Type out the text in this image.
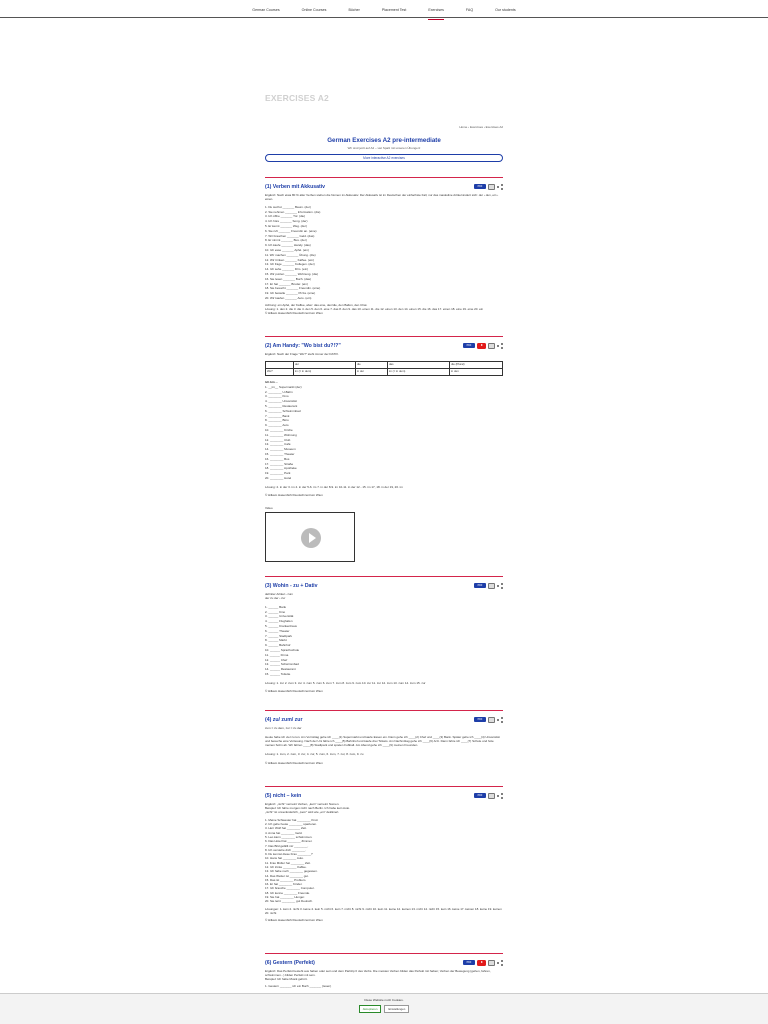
German Courses	Online Courses	Bücher	Placement Test	Exercises	FAQ	Our students
EXERCISES A2
Home › Exercises › Exercises A2
German Exercises A2 pre-intermediate
Wir sind jetzt auf A2 – viel Spaß mit unseren Übungen!
More interactive A2 exercises
(1) Verben mit Akkusativ	PDF
Ergänzt: Nach etwa 80 % aller Verben stehen die Nomen im Akkusativ. Der Akkusativ ist im Deutschen der einfachste Fall, nur das maskuline Artikel ändert sich: der › den, ein › einen.
1. Du suchst _______ Baum. (der)
2. Sie nehmen _______ Information. (die)
3. Ich öffne _______ Tür. (die)
4. Ich höre _______ Song. (der)
5. Er kennt _______ Weg. (der)
6. Sie ruft _______ Freundin an. (eine)
7. Wir brauchen _______ Geld. (das)
8. Er nimmt _______ Bus. (der)
9. Ich kaufe _______ Handy. (das)
10. Ich esse _______ Apfel. (ein)
11. Wir machen _______ Übung. (die)
12. Wir trinken _______ Kaffee. (ein)
13. Ich frage _______ Kollegen. (der)
14. Ich sehe _______ Film. (ein)
15. Wir putzen _______ Wohnung. (die)
16. Sie lesen _______ Buch. (das)
17. Er hat _______ Bruder. (ein)
18. Sie besucht _______ Freundin. (eine)
19. Ich bestelle _______ Pizza. (eine)
20. Wir kaufen _______ Auto. (ein)
Achtung: ein Apfel, der Kaffee, aber: das eine, den/die, den Ballon, den Chat.
Lösung: 1. den 2. die 3. die 4. den 5. den 6. eine 7. das 8. den 9. das 10. einen 11. die 12. einen 13. den 14. einen 15. die 16. das 17. einen 18. eine 19. eine 20. ein
© Hilkam Hasenbühl Deutschzentrum Wien
(2) Am Handy: "Wo bist du?!?"	PDF
Ergänzt: Nach der Frage "Wo?" steht immer der DATIV.
	der	die	das	die (Plural)
Wo?	im (= in dem)	in der	im (= in dem)	in den
Ich bin ...
1. __im__ Supermarkt (der)
2. ________ U-Bahn
3. ________ Kino
4. ________ Universität
5. ________ Restaurant
6. ________ Schwimmbad
7. ________ Bank
8. ________ Büro
9. ________ Auto
10. ________ Kirche
11. ________ Wohnung
12. ________ Club
13. ________ Café
14. ________ Museum
15. ________ Theater
16. ________ Bus
17. ________ Straße
18. ________ Apotheke
19. ________ Park
20. ________ Hotel
Lösung: 2. in der 3. im 4. in der 5-6. im 7. in der 8-9. im 10-11. in der 12 - 15. im 17, 18. in der 19, 20. im
© Hilkam Hasenbühl Deutschzentrum Wien
Video
(3) Wohin - zu + Dativ	PDF
definiter Artikel › zum
der zu der › zur
1. ______ Bank
2. ______ Kino
3. ______ Universität
4. ______ Flughafen
5. ______ Krankenhaus
6. ______ Theater
7. ______ Stadtpark
8. ______ Markt
9. ______ Bahnhof
10. ______ Sprachschule
11. ______ Firma
12. ______ Chef
13. ______ Schwimmbad
14. ______ Restaurant
15. ______ Toilette
Lösung: 1. zur 2. zum 3. zur 4. zum 5. zum 6. zum 7. zum 8. zum 9. zum 10. zur 11. zur 12. zum 13. zum 14. zum 15. zur
© Hilkam Hasenbühl Deutschzentrum Wien
(4) zu/ zum/ zur	PDF
zum = zu dem, zur = zu der
Heute habe ich viel zu tun. Am Vormittag gehe ich ____(1) Supermarkt und kaufe Essen ein. Dann gehe ich ____(2) Chef und ____(3) Bank. Später gehe ich ____(4) Universität und besuche eine Vorlesung. Nach der Uni fahre ich ____(5) Bahnhof und kaufe drei Tickets. Am Nachmittag gehe ich ____(6) Arzt. Dann fahre ich ____(7) Schule und hole meinen Sohn ab. Wir fahren ____(8) Stadtpark und spielen Fußball. Am Abend gehe ich ____(9) meinen Freunden.
Lösung: 1. zum, 2. zum, 3. zur, 4. zur, 5. zum, 6. zum, 7. zur, 8. zum, 9. zu
© Hilkam Hasenbühl Deutschzentrum Wien
(5) nicht – kein	PDF
Ergänzt: „nicht" verneint Verben, „kein" verneint Nomen.
Beispiel: Ich fahre morgen nicht nach Berlin. Ich habe kein Auto.
„nicht" ist unveränderlich, „kein" wird wie „ein" dekliniert.
1. Meine Schwester hat ________ Kind.
2. Ich gehe heute ________ spazieren.
3. Herr Wolf hat ________ Zeit.
4. Anna hat ________ Geld.
5. Leo kann ________ schwimmen.
6. Das Hotel hat ________ Zimmer.
7. Das Bild gefällt mir ________.
8. Ich verstehe dich ________.
9. Du kennst diese Frau ________?
10. Hans hat ________ Auto.
11. Frau Müller hat ________ Zeit.
12. Ich trinke ________ Kaffee.
13. Ich habe noch ________ gegessen.
14. Das Wetter ist ________ gut.
15. Das ist ________ Problem.
16. Er hat ________ Kinder.
17. Ich brauche ________ Computer.
18. Ich kenne ________ Freunde.
19. Sie hat ________ Hunger.
20. Sie lernt ________ gut Deutsch.
Lösungen: 1. kein 2. nicht 3. keine 4. kein 5. nicht 6. kein 7. nicht 8. nicht 9. nicht 10. kein 11. keine 12. keinen 13. nicht 14. nicht 15. kein 16. keine 17. keinen 18. keine 19. keinen 20. nicht
© Hilkam Hasenbühl Deutschzentrum Wien
(6) Gestern (Perfekt)	PDF
Ergänzt: Das Perfekt besteht aus haben oder sein und dem Partizip II des Verbs. Die meisten Verben bilden das Perfekt mit haben; Verben der Bewegung (gehen, fahren, schwimmen...) bilden Perfekt mit sein.
Beispiel: Ich habe Musik gehört.
1. Gestern _______ ich ein Buch _______ (lesen)
Diese Website nutzt Cookies.
Akzeptieren	Einstellungen
